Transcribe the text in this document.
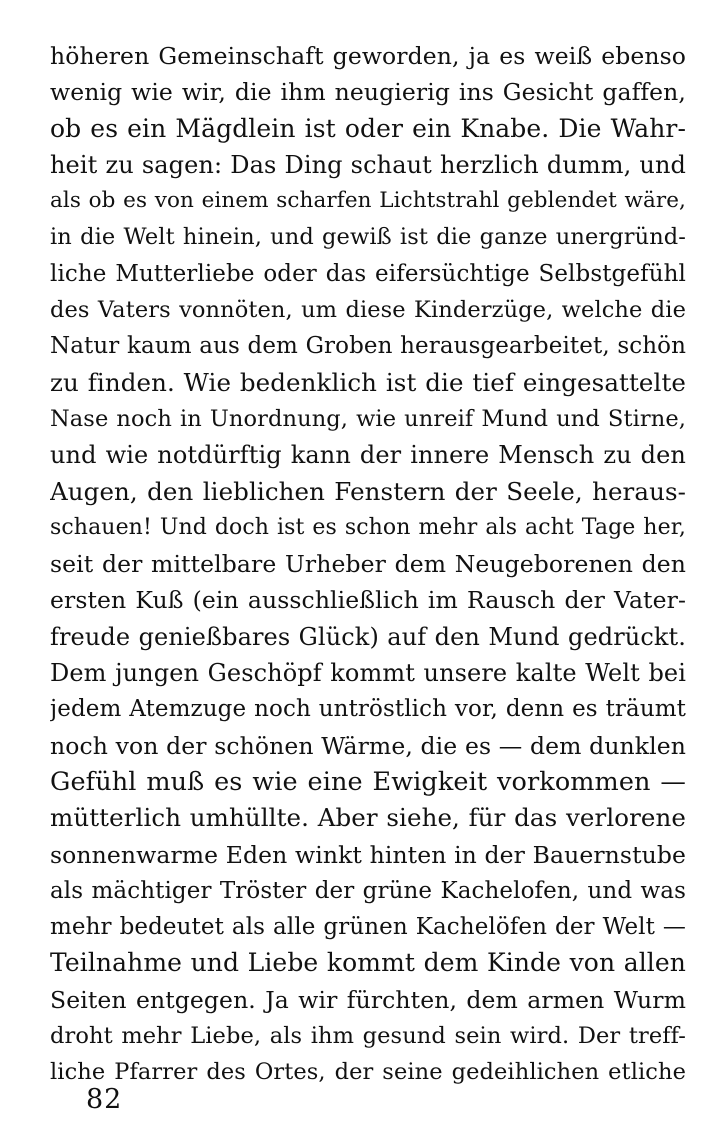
höheren Gemeinschaft geworden, ja es weiß ebenso
wenig wie wir, die ihm neugierig ins Gesicht gaffen,
ob es ein Mägdlein ist oder ein Knabe. Die Wahr-
heit zu sagen: Das Ding schaut herzlich dumm, und
als ob es von einem scharfen Lichtstrahl geblendet wäre,
in die Welt hinein, und gewiß ist die ganze unergründ-
liche Mutterliebe oder das eifersüchtige Selbstgefühl
des Vaters vonnöten, um diese Kinderzüge, welche die
Natur kaum aus dem Groben herausgearbeitet, schön
zu finden. Wie bedenklich ist die tief eingesattelte
Nase noch in Unordnung, wie unreif Mund und Stirne,
und wie notdürftig kann der innere Mensch zu den
Augen, den lieblichen Fenstern der Seele, heraus-
schauen! Und doch ist es schon mehr als acht Tage her,
seit der mittelbare Urheber dem Neugeborenen den
ersten Kuß (ein ausschließlich im Rausch der Vater-
freude genießbares Glück) auf den Mund gedrückt.
Dem jungen Geschöpf kommt unsere kalte Welt bei
jedem Atemzuge noch untröstlich vor, denn es träumt
noch von der schönen Wärme, die es — dem dunklen
Gefühl muß es wie eine Ewigkeit vorkommen —
mütterlich umhüllte. Aber siehe, für das verlorene
sonnenwarme Eden winkt hinten in der Bauernstube
als mächtiger Tröster der grüne Kachelofen, und was
mehr bedeutet als alle grünen Kachelöfen der Welt —
Teilnahme und Liebe kommt dem Kinde von allen
Seiten entgegen. Ja wir fürchten, dem armen Wurm
droht mehr Liebe, als ihm gesund sein wird. Der treff-
liche Pfarrer des Ortes, der seine gedeihlichen etliche
82
